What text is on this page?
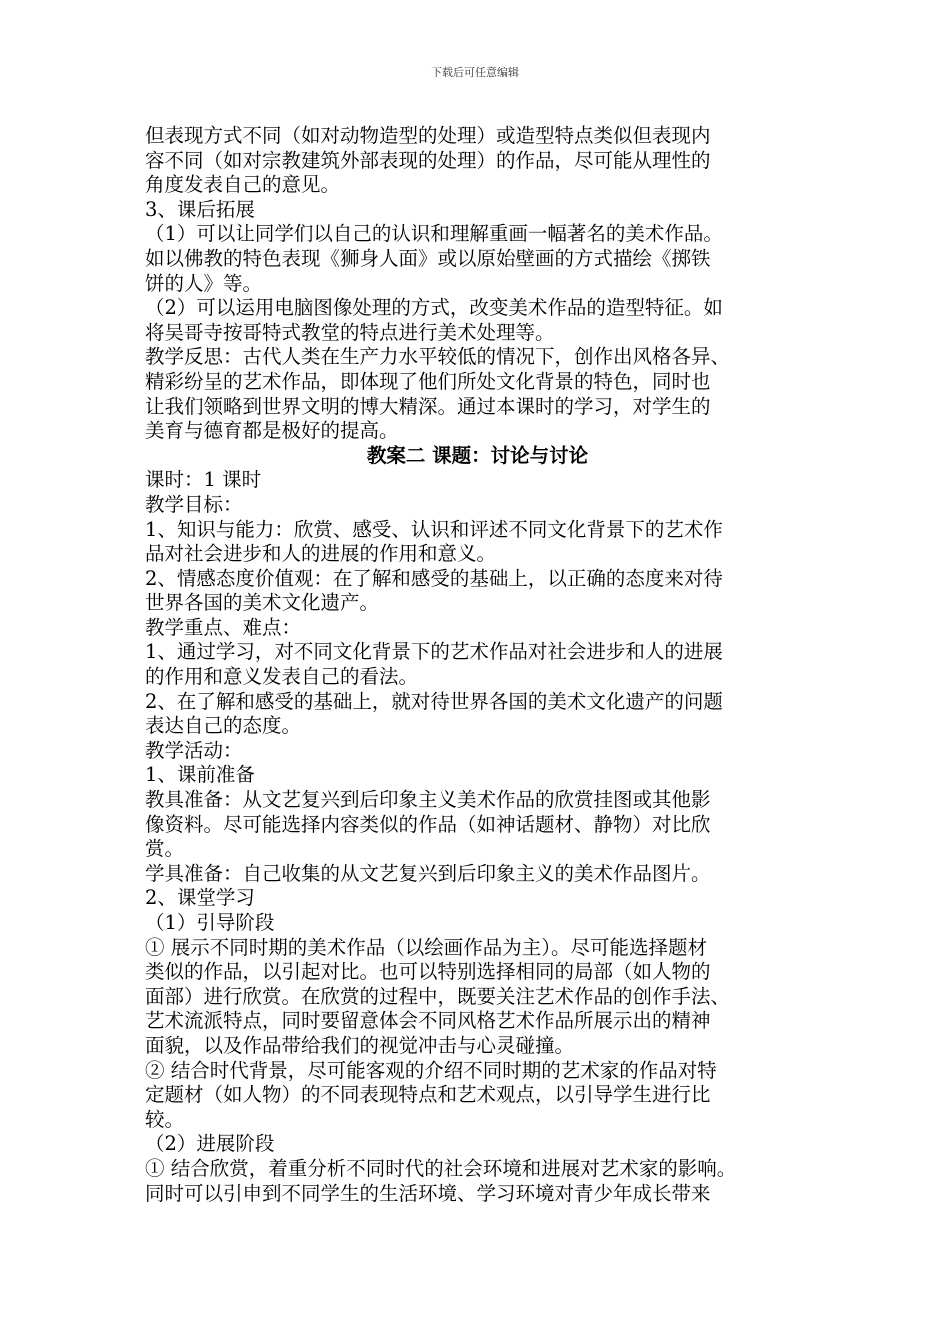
下载后可任意编辑
但表现方式不同（如对动物造型的处理）或造型特点类似但表现内
容不同（如对宗教建筑外部表现的处理）的作品，尽可能从理性的
角度发表自己的意见。
3、课后拓展
（1）可以让同学们以自己的认识和理解重画一幅著名的美术作品。
如以佛教的特色表现《狮身人面》或以原始壁画的方式描绘《掷铁
饼的人》等。
（2）可以运用电脑图像处理的方式，改变美术作品的造型特征。如
将吴哥寺按哥特式教堂的特点进行美术处理等。
教学反思：古代人类在生产力水平较低的情况下，创作出风格各异、
精彩纷呈的艺术作品，即体现了他们所处文化背景的特色，同时也
让我们领略到世界文明的博大精深。通过本课时的学习，对学生的
美育与德育都是极好的提高。
教案二 课题：讨论与讨论
课时：1 课时
教学目标：
1、知识与能力：欣赏、感受、认识和评述不同文化背景下的艺术作
品对社会进步和人的进展的作用和意义。
2、情感态度价值观：在了解和感受的基础上，以正确的态度来对待
世界各国的美术文化遗产。
教学重点、难点：
1、通过学习，对不同文化背景下的艺术作品对社会进步和人的进展
的作用和意义发表自己的看法。
2、在了解和感受的基础上，就对待世界各国的美术文化遗产的问题
表达自己的态度。
教学活动：
1、课前准备
教具准备：从文艺复兴到后印象主义美术作品的欣赏挂图或其他影
像资料。尽可能选择内容类似的作品（如神话题材、静物）对比欣
赏。
学具准备：自己收集的从文艺复兴到后印象主义的美术作品图片。
2、课堂学习
（1）引导阶段
① 展示不同时期的美术作品（以绘画作品为主）。尽可能选择题材
类似的作品，以引起对比。也可以特别选择相同的局部（如人物的
面部）进行欣赏。在欣赏的过程中，既要关注艺术作品的创作手法、
艺术流派特点，同时要留意体会不同风格艺术作品所展示出的精神
面貌，以及作品带给我们的视觉冲击与心灵碰撞。
② 结合时代背景，尽可能客观的介绍不同时期的艺术家的作品对特
定题材（如人物）的不同表现特点和艺术观点，以引导学生进行比
较。
（2）进展阶段
① 结合欣赏，着重分析不同时代的社会环境和进展对艺术家的影响。
同时可以引申到不同学生的生活环境、学习环境对青少年成长带来
